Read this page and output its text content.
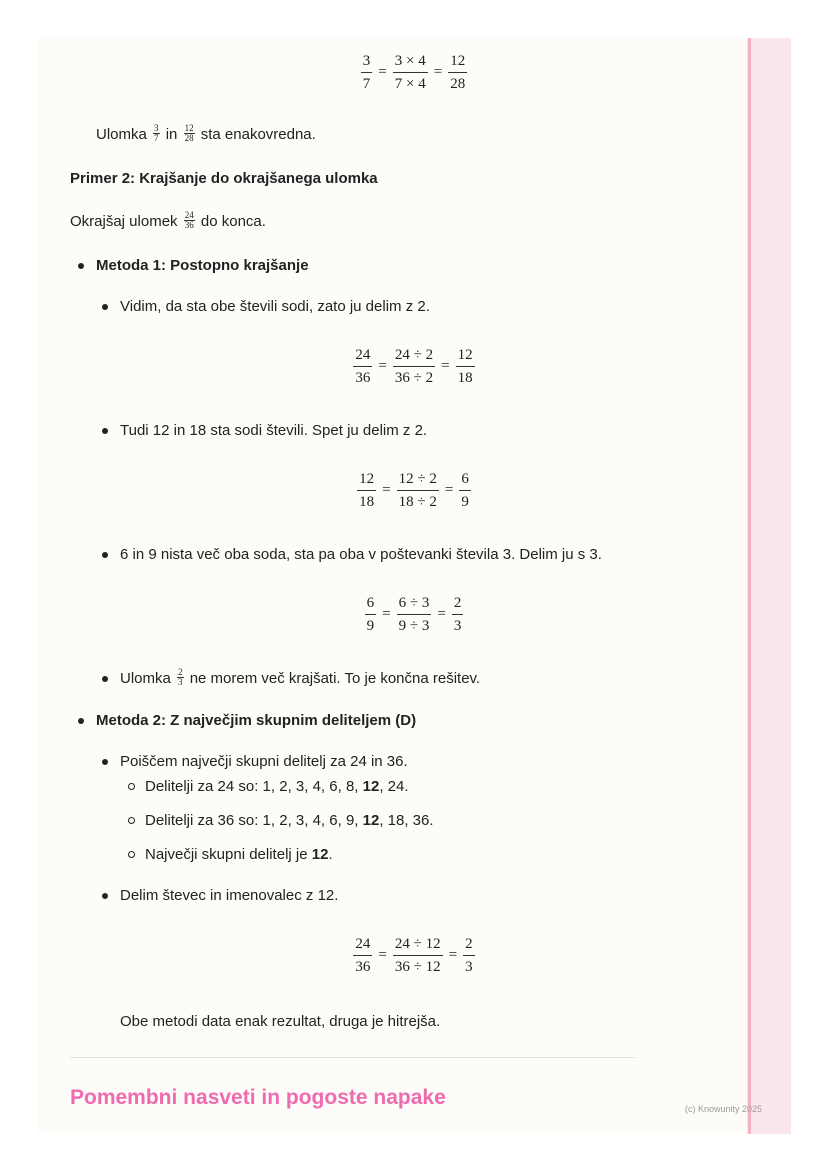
$\frac{3}{7} = \frac{3 \times 4}{7 \times 4} = \frac{12}{28}$
Ulomka $\frac{3}{7}$ in $\frac{12}{28}$ sta enakovredna.
Primer 2: Krajšanje do okrajšanega ulomka
Okrajšaj ulomek $\frac{24}{36}$ do konca.
Metoda 1: Postopno krajšanje
Vidim, da sta obe števili sodi, zato ju delim z 2.
$\frac{24}{36} = \frac{24 \div 2}{36 \div 2} = \frac{12}{18}$
Tudi 12 in 18 sta sodi števili. Spet ju delim z 2.
$\frac{12}{18} = \frac{12 \div 2}{18 \div 2} = \frac{6}{9}$
6 in 9 nista več oba soda, sta pa oba v poštevanki števila 3. Delim ju s 3.
$\frac{6}{9} = \frac{6 \div 3}{9 \div 3} = \frac{2}{3}$
Ulomka $\frac{2}{3}$ ne morem več krajšati. To je končna rešitev.
Metoda 2: Z največjim skupnim deliteljem (D)
Poiščem največji skupni delitelj za 24 in 36.
Delitelji za 24 so: 1, 2, 3, 4, 6, 8, 12, 24.
Delitelji za 36 so: 1, 2, 3, 4, 6, 9, 12, 18, 36.
Največji skupni delitelj je 12.
Delim števec in imenovalec z 12.
$\frac{24}{36} = \frac{24 \div 12}{36 \div 12} = \frac{2}{3}$
Obe metodi data enak rezultat, druga je hitrejša.
Pomembni nasveti in pogoste napake	(c) Knowunity 2025
